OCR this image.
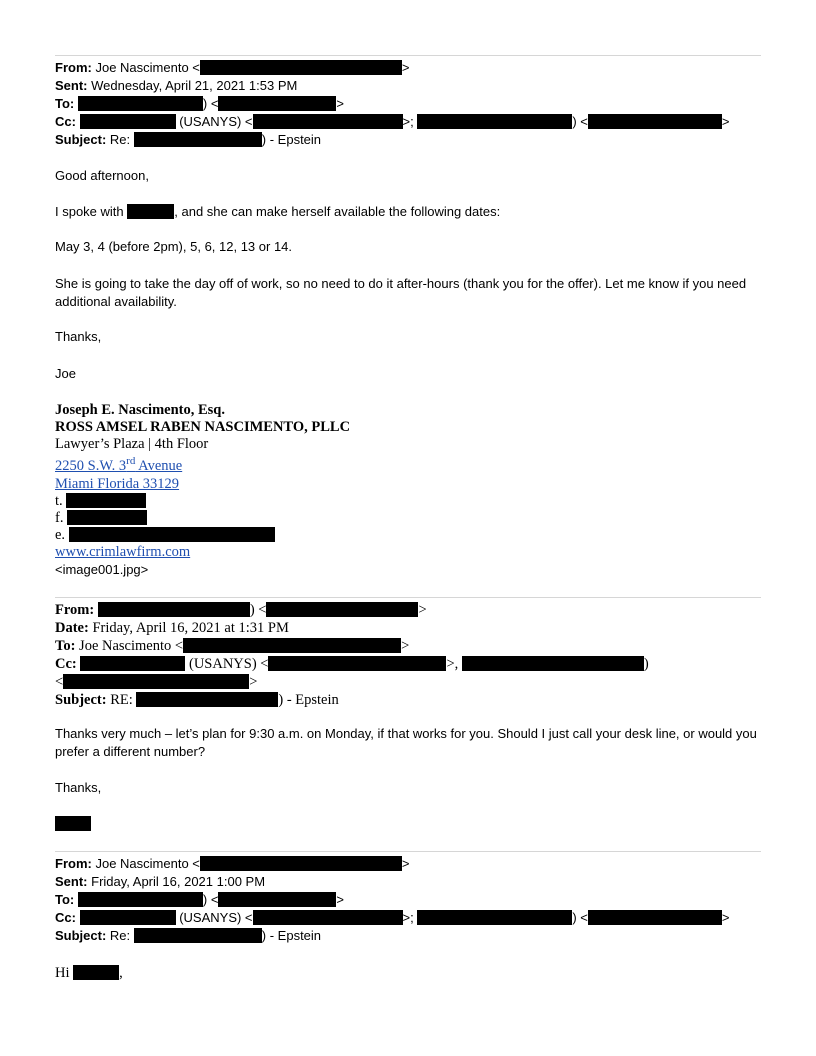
From: Joe Nascimento <	>
Sent: Wednesday, April 21, 2021 1:53 PM
To:	) <	>
Cc:	(USANYS) <	>;	) <	>
Subject: Re:	) - Epstein
Good afternoon,
I spoke with	, and she can make herself available the following dates:
May 3, 4 (before 2pm), 5, 6, 12, 13 or 14.
She is going to take the day off of work, so no need to do it after-hours (thank you for the offer). Let me know if you need additional availability.
Thanks,
Joe
Joseph E. Nascimento, Esq.
ROSS AMSEL RABEN NASCIMENTO, PLLC
Lawyer’s Plaza | 4th Floor
2250 S.W. 3rd Avenue
Miami Florida 33129
t.
f.
e.
www.crimlawfirm.com
<image001.jpg>
From:	) <	>
Date: Friday, April 16, 2021 at 1:31 PM
To: Joe Nascimento <	>
Cc:	(USANYS) <	>,	)
<	>
Subject: RE:	) - Epstein
Thanks very much – let’s plan for 9:30 a.m. on Monday, if that works for you. Should I just call your desk line, or would you prefer a different number?
Thanks,
From: Joe Nascimento <	>
Sent: Friday, April 16, 2021 1:00 PM
To:	) <	>
Cc:	(USANYS) <	>;	) <	>
Subject: Re:	) - Epstein
Hi	,
